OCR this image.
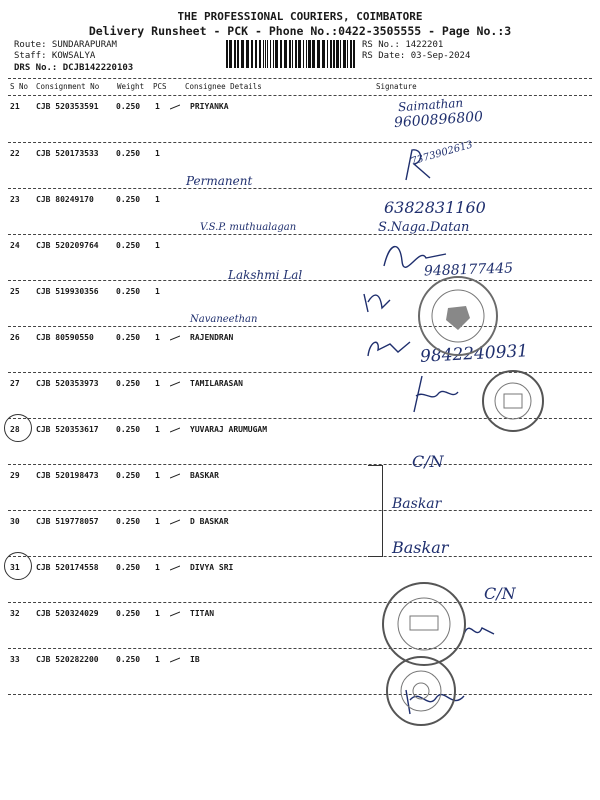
THE PROFESSIONAL COURIERS, COIMBATORE
Delivery Runsheet - PCK - Phone No.:0422-3505555 - Page No.:3
Route: SUNDARAPURAM
Staff: KOWSALYA
DRS No.: DCJB142220103
RS No.: 1422201
RS Date: 03-Sep-2024
S No Consignment No Weight PCS Consignee Details	Signature
21 CJB 520353591 0.250 1	PRIYANKA
22 CJB 520173533 0.250 1
23 CJB 80249170	0.250 1
24 CJB 520209764 0.250 1
25 CJB 519930356 0.250 1
26 CJB 80590550	0.250 1	RAJENDRAN
27 CJB 520353973 0.250 1	TAMILARASAN
28 CJB 520353617 0.250 1	YUVARAJ ARUMUGAM
29 CJB 520198473 0.250 1	BASKAR
30 CJB 519778057 0.250 1	D BASKAR
31 CJB 520174558 0.250 1	DIVYA SRI
32 CJB 520324029 0.250 1	TITAN
33 CJB 520282200 0.250 1	IB
Saimathan
9600896800
7373902613
Permanent
V.S.P. muthualagan
6382831160
S.Naga.Datan
Lakshmi Lal	9488177445
Navaneethan
9842240931
C/N
Baskar
Baskar
C/N
